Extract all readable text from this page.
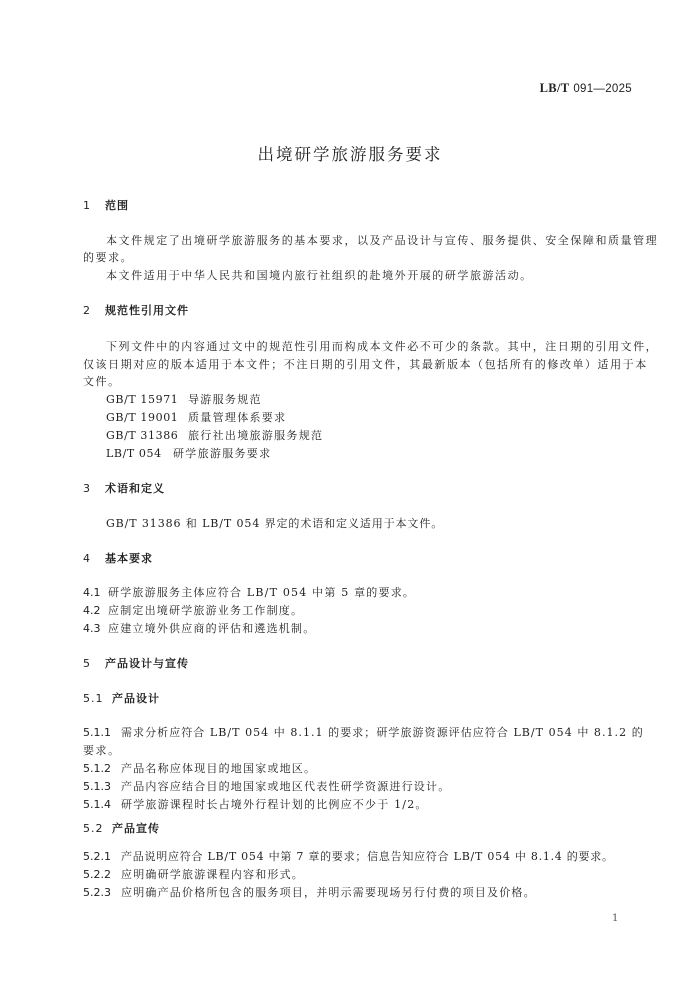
LB/T 091—2025
出境研学旅游服务要求
1 范围
本文件规定了出境研学旅游服务的基本要求，以及产品设计与宣传、服务提供、安全保障和质量管理
的要求。
本文件适用于中华人民共和国境内旅行社组织的赴境外开展的研学旅游活动。
2 规范性引用文件
下列文件中的内容通过文中的规范性引用而构成本文件必不可少的条款。其中，注日期的引用文件，
仅该日期对应的版本适用于本文件；不注日期的引用文件，其最新版本（包括所有的修改单）适用于本
文件。
GB/T 15971 导游服务规范
GB/T 19001 质量管理体系要求
GB/T 31386 旅行社出境旅游服务规范
LB/T 054 研学旅游服务要求
3 术语和定义
GB/T 31386 和 LB/T 054 界定的术语和定义适用于本文件。
4 基本要求
4.1 研学旅游服务主体应符合 LB/T 054 中第 5 章的要求。
4.2 应制定出境研学旅游业务工作制度。
4.3 应建立境外供应商的评估和遴选机制。
5 产品设计与宣传
5.1 产品设计
5.1.1 需求分析应符合 LB/T 054 中 8.1.1 的要求；研学旅游资源评估应符合 LB/T 054 中 8.1.2 的
要求。
5.1.2 产品名称应体现目的地国家或地区。
5.1.3 产品内容应结合目的地国家或地区代表性研学资源进行设计。
5.1.4 研学旅游课程时长占境外行程计划的比例应不少于 1/2。
5.2 产品宣传
5.2.1 产品说明应符合 LB/T 054 中第 7 章的要求；信息告知应符合 LB/T 054 中 8.1.4 的要求。
5.2.2 应明确研学旅游课程内容和形式。
5.2.3 应明确产品价格所包含的服务项目，并明示需要现场另行付费的项目及价格。
1
